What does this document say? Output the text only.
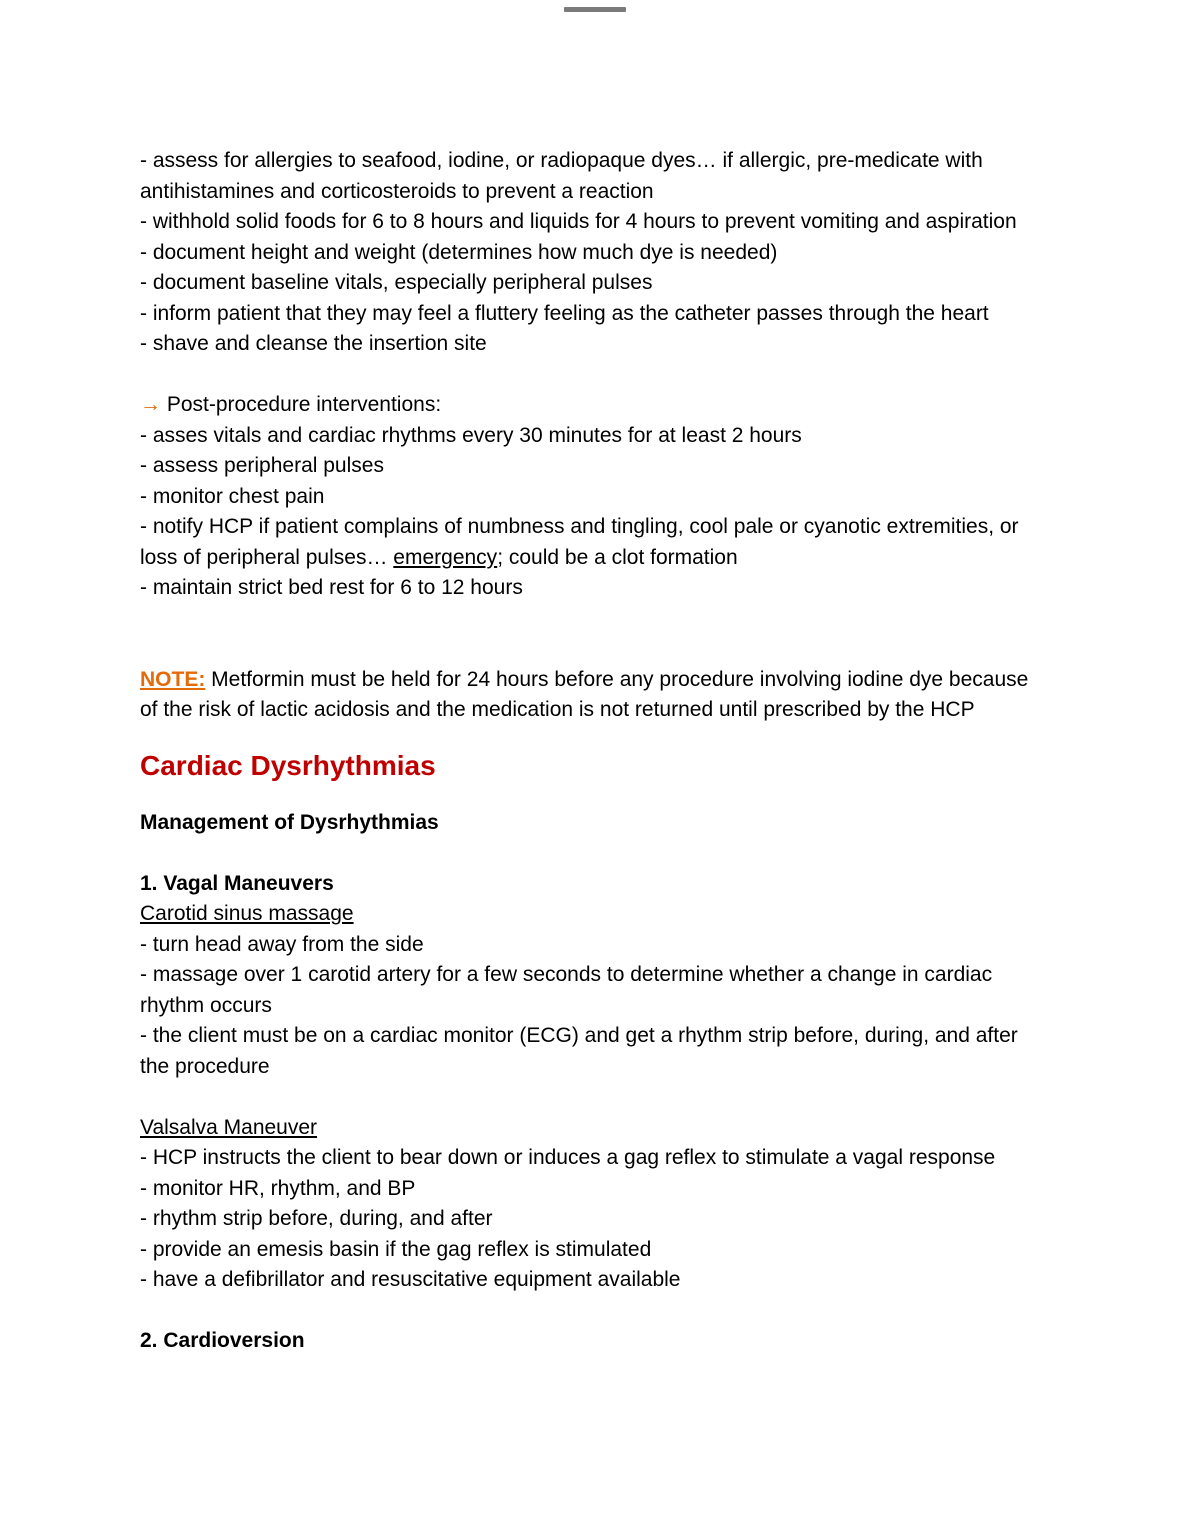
- assess for allergies to seafood, iodine, or radiopaque dyes… if allergic, pre-medicate with antihistamines and corticosteroids to prevent a reaction

- withhold solid foods for 6 to 8 hours and liquids for 4 hours to prevent vomiting and aspiration

- document height and weight (determines how much dye is needed)

- document baseline vitals, especially peripheral pulses

- inform patient that they may feel a fluttery feeling as the catheter passes through the heart

- shave and cleanse the insertion site

→ Post-procedure interventions:

- asses vitals and cardiac rhythms every 30 minutes for at least 2 hours

- assess peripheral pulses

- monitor chest pain

- notify HCP if patient complains of numbness and tingling, cool pale or cyanotic extremities, or loss of peripheral pulses… emergency; could be a clot formation

- maintain strict bed rest for 6 to 12 hours

NOTE: Metformin must be held for 24 hours before any procedure involving iodine dye because of the risk of lactic acidosis and the medication is not returned until prescribed by the HCP

Cardiac Dysrhythmias

Management of Dysrhythmias

1. Vagal Maneuvers

Carotid sinus massage

- turn head away from the side

- massage over 1 carotid artery for a few seconds to determine whether a change in cardiac rhythm occurs

- the client must be on a cardiac monitor (ECG) and get a rhythm strip before, during, and after the procedure

Valsalva Maneuver

- HCP instructs the client to bear down or induces a gag reflex to stimulate a vagal response

- monitor HR, rhythm, and BP

- rhythm strip before, during, and after

- provide an emesis basin if the gag reflex is stimulated

- have a defibrillator and resuscitative equipment available

2. Cardioversion
